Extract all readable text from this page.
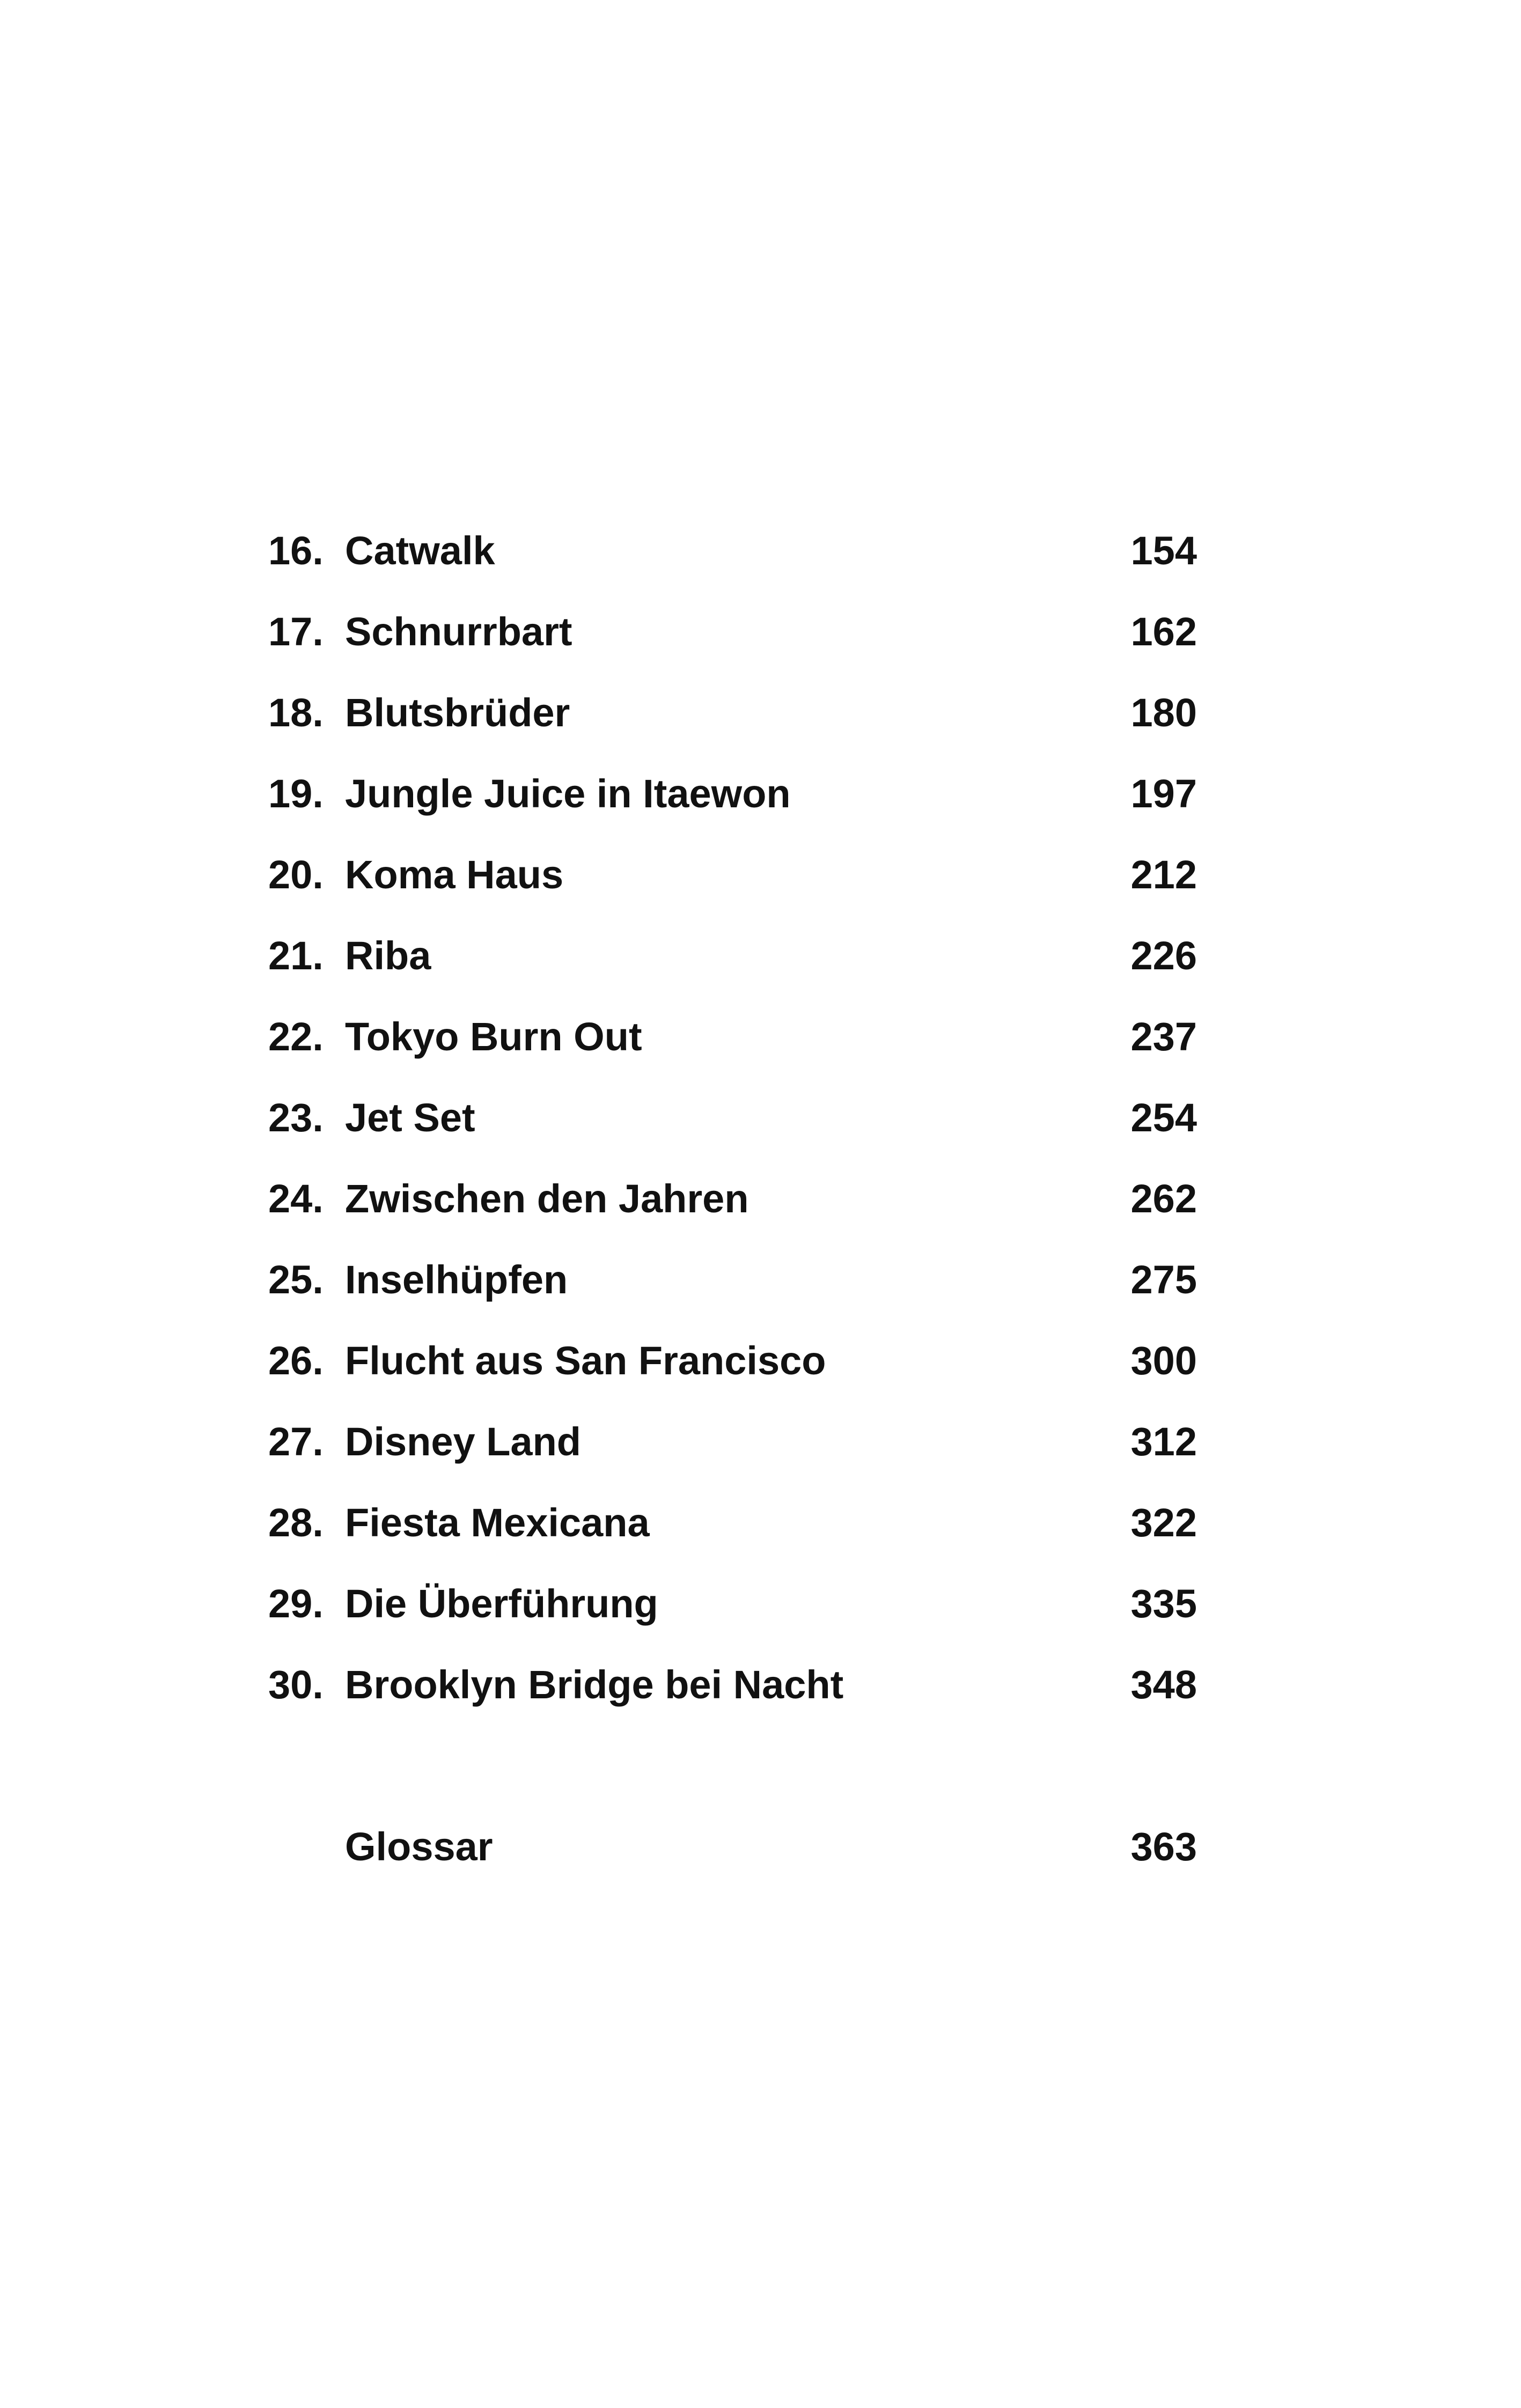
16. Catwalk	154
17. Schnurrbart	162
18. Blutsbrüder	180
19. Jungle Juice in Itaewon	197
20. Koma Haus	212
21. Riba	226
22. Tokyo Burn Out	237
23. Jet Set	254
24. Zwischen den Jahren	262
25. Inselhüpfen	275
26. Flucht aus San Francisco	300
27. Disney Land	312
28. Fiesta Mexicana	322
29. Die Überführung	335
30. Brooklyn Bridge bei Nacht	348
Glossar	363
